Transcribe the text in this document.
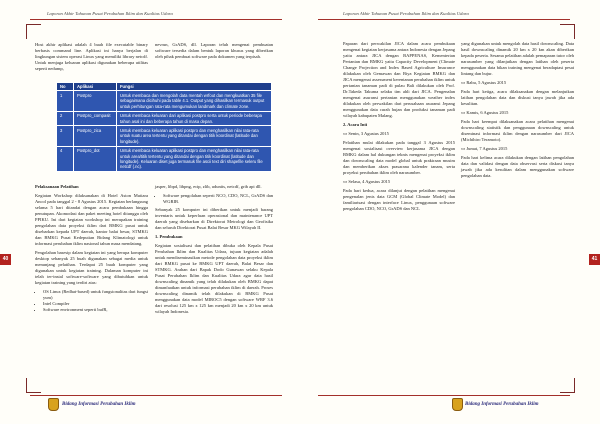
Laporan Akhir Tahunan Pusat Perubahan Iklim dan Kualitas Udara	Laporan Akhir Tahunan Pusat Perubahan Iklim dan Kualitas Udara
40	41

Host akhir aplikasi adalah 4 buah file executable binary berbasis command line. Aplikasi ini hanya berjalan di lingkungan sistem operasi Linux yang memiliki library netcdf. Untuk menjaga keluaran aplikasi digunakan beberapa utilitas seperti nedump,

nevrun, GrADS, dll. Laporan teluh mengenai pembuatan software tersedia dalam bentuk laporan khusus yang diberikan oleh pihak pembuat software pada dokumen yang terpisah.

No	Aplikasi	Fungsi
1	Postpro	Untuk membaca dan mengolah data mentah wrfout dan mengkuatkan 35 file sebagaimana dicihuhi pada table 4.1. Output yang dihasilkan termasuk output untuk perhitungan rata-rata mengumukan landmark dan climate zone.
2	Postpro_compasit	Untuk membaca keluaran dari aplikasi postpro serta untuk periode beberapa tahun asal ini dan beberapa tahun di masa depan.
3	Postpro_zica	Untuk membaca keluaran aplikasi postpro dan menghasilkan nilai rata-rata untuk suatu area tertentu yang ditandai dengan titik koordinat (latitude dan longitude).
4	Postpro_dot	Untuk membaca keluaran aplikasi postpro dan menghasilkan nilai rata-rata untuk area/titik tertentu yang ditandai dengan titik koordinat (latitude dan longitude). Keluaran diset juga termasuk file ascii text diri shapefile seleru file netcdf (.nc).

Pelaksanaan Pelatihan

Kegiatan Workshop dilaksanakan di Hotel Aston Mutiara Ancol pada tanggal 2 - 8 Agustus 2015. Kegiatan berlangsung selama 5 hari ditandai dengan acara pembukaan hingga penutupan. Akomodasi dan paket meeting hotel ditunggu oleh PPIKU. Ini dari kegiatan workshop ini merupakan training pengolahan data proyeksi iklim dari BMKG pusat untuk disebarkan kepada UPT daerah, kantor balai besar, STMKG dan BMKG Pusat Kedeputian Bidang Klimatologi untuk informasi perubahan iklim nasional tahun masa mendatang.

Pengolahan basesip dalam kegiatan ini yang berupa komputer desktop sebanyak 25 buah digunakan sebagai media untuk menunjang pelatihan. Terdapat 25 buah komputer yang digunakan untuk kegiatan training. Dalaman komputer ini telah ter-instal software-software yang dibutuhkan untuk kegiatan training yang terdiri atas:

• OS Linux (Redhat-based) untuk fungsionalitas dari fungsi yum)
• Intel Compiler
• Software environment seperti bufR,

jasper, libpd, libpng, ecip, zlib, udunits, netcdf, grib api dll.

• Software pengolahan seperti NCO, CDO, NCL, GrADS dan WGRIB.

Sebanyak 25 komputer ini diberikan untuk menjadi barang inventaris untuk keperluan operasional dan maintenance UPT daerah yang disebarkan di Direktorat Metrologi dan Geofisika dan seluruh Direktorat Pusat Balai Besar MKG Wilayah II.

1. Pembukaan

Kegiatan sosialisasi dan pelatihan dibuka oleh Kepala Pusat Perubahan Iklim dan Kualitas Udara, tujuan kegiatan adalah untuk mendiseminasikan metode pengolahan data proyeksi iklim dari BMKG pusat ke BMKG UPT daerah, Balai Besar dan STMKG. Arahan dari Bapak Dodo Gunawan selaku Kepala Pusat Perubahan Iklim dan Kualitas Udara agar data hasil downscaling dinamik yang telah dilakukan oleh BMKG dapat dimanfaatkan untuk informasi perubahan iklim di daerah. Proses downscaling dinamik telah dilakukan di BMKG Pusat menggunakan data model MIROC5 dengan software WRF 3.6 dari resolusi 125 km x 125 km menjadi 20 km x 20 km untuk wilayah Indonesia.

Paparan dari perwakilan JICA dalam acara pembukaan mengenai kegiatan kerjasama antara Indonesia dengan Jepang yaitu antara JICA dengan BAPPENAS, Kementerian Pertanian dan BMKG yaitu Capacity Development (Climate Change Projection and Index Based Agriculture Insurance dilakukan oleh Gemawan dan Biya Kegiatan BMKG dan JICA mengenai assessment kerentanan perubahan iklim untuk pertanian tanaman padi di pulau Bali dilakukan oleh Prof. Dr.Takeda Takuma selaku tim ahli dari JICA. Pengenalan mengenai asuransi pertanian menggunakan weather index dilakukan oleh perwakilan dari perusahaan asuransi Jepang menggunakan data curah hujan dan produksi tanaman padi wilayah kabupaten Malang.

2. Acara Inti

▭ Senin, 3 Agustus 2015

Pelatihan mulai dilakukan pada tanggal 3 Agustus 2015 mengenai sosialisasi overview kerjasama JICA dengan BMKG dalam hal dukungan teknis mengenai proyeksi iklim dan downscaling data model global untuk prakiraan musim dan memberikan akses prasarana kalender tanam, serta proyeksi perubahan iklim oleh narasumber.

▭ Selasa, 4 Agustus 2015

Pada hari kedua, acara dilanjut dengan pelatihan mengenai pengenalan jenis data GCM (Global Climate Model) dan familiarisasi dengan interface Linux, penggunaan software pengolahan CDO, NCO, GrADS dan NCL

yang digunakan untuk mengolah data hasil downscaling. Data hasil downscaling dinamik 20 km x 20 km akan diberikan kepada peserta. Sesama pelatihan adalah pemaparan tutor oleh narasumber yang dilanjutkan dengan latihan oleh peserta menggunakan data bikan training mengenai beradaptasi pesat lintang dan bujur.

▭ Rabu, 5 Agustus 2015

Pada hari ketiga, acara dilaksanakan dengan melanjutkan latihan pengolahan data dan diskusi tanya jawab jika ada kesulitan.

▭ Kamis, 6 Agustus 2015

Pada hari keempat dilaksanakan acara pelatihan mengenai downscaling statistik dan penggunaan downscaling untuk diseminasi informasi iklim dengan narasumber dari JICA (Michihiro Teramoto).

▭ Jumat, 7 Agustus 2015

Pada hari kelima acara dilakukan dengan latihan pengolahan data dan validasi dengan data observasi serta diskusi tanya jawab jika ada kesulitan dalam menggunakan software pengolahan data.

Bidang Informasi Perubahan Iklim	Bidang Informasi Perubahan Iklim
